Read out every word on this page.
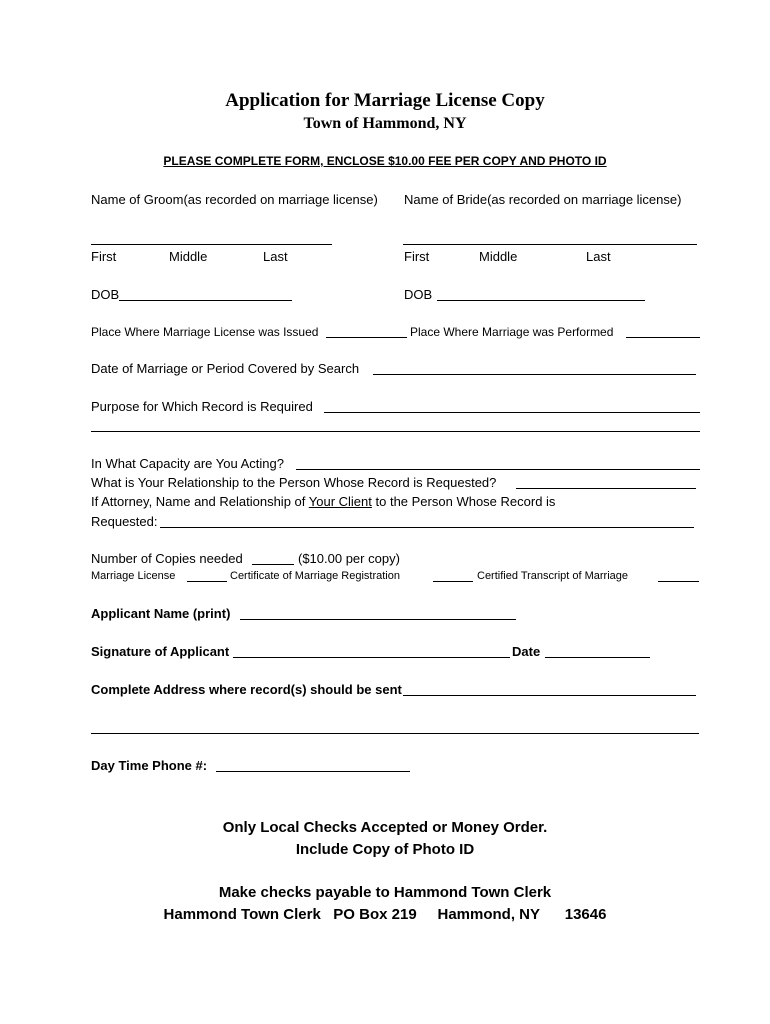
Application for Marriage License Copy
Town of Hammond, NY
PLEASE COMPLETE FORM, ENCLOSE $10.00 FEE PER COPY AND PHOTO ID
Name of Groom(as recorded on marriage license) Name of Bride(as recorded on marriage license)
First	Middle	Last	First	Middle	Last
DOB	DOB
Place Where Marriage License was Issued	Place Where Marriage was Performed
Date of Marriage or Period Covered by Search
Purpose for Which Record is Required
In What Capacity are You Acting?
What is Your Relationship to the Person Whose Record is Requested?
If Attorney, Name and Relationship of Your Client to the Person Whose Record is
Requested:
Number of Copies needed	($10.00 per copy)
Marriage License	Certificate of Marriage Registration	Certified Transcript of Marriage
Applicant Name (print)
Signature of Applicant	Date
Complete Address where record(s) should be sent
Day Time Phone #:
Only Local Checks Accepted or Money Order.
Include Copy of Photo ID
Make checks payable to Hammond Town Clerk
Hammond Town Clerk   PO Box 219     Hammond, NY      13646
